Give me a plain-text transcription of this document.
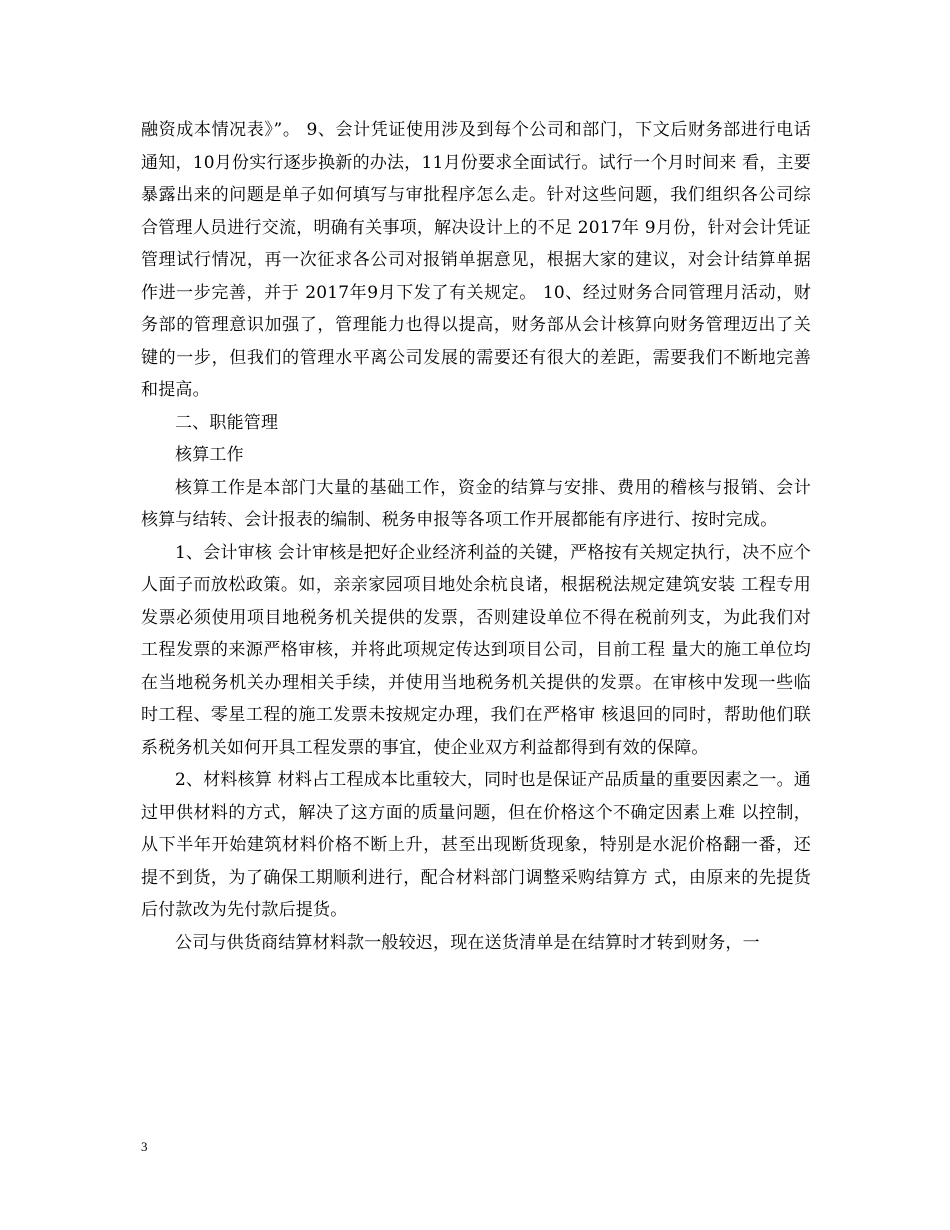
融资成本情况表》”。 9、会计凭证使用涉及到每个公司和部门，下文后财务部进行电话通知，10月份实行逐步换新的办法，11月份要求全面试行。试行一个月时间来 看，主要暴露出来的问题是单子如何填写与审批程序怎么走。针对这些问题，我们组织各公司综合管理人员进行交流，明确有关事项，解决设计上的不足 2017年 9月份，针对会计凭证管理试行情况，再一次征求各公司对报销单据意见，根据大家的建议，对会计结算单据作进一步完善，并于 2017年9月下发了有关规定。 10、经过财务合同管理月活动，财务部的管理意识加强了，管理能力也得以提高，财务部从会计核算向财务管理迈出了关键的一步，但我们的管理水平离公司发展的需要还有很大的差距，需要我们不断地完善和提高。

二、职能管理

核算工作

核算工作是本部门大量的基础工作，资金的结算与安排、费用的稽核与报销、会计核算与结转、会计报表的编制、税务申报等各项工作开展都能有序进行、按时完成。

1、会计审核 会计审核是把好企业经济利益的关键，严格按有关规定执行，决不应个人面子而放松政策。如，亲亲家园项目地处余杭良诸，根据税法规定建筑安装 工程专用发票必须使用项目地税务机关提供的发票，否则建设单位不得在税前列支，为此我们对工程发票的来源严格审核，并将此项规定传达到项目公司，目前工程 量大的施工单位均在当地税务机关办理相关手续，并使用当地税务机关提供的发票。在审核中发现一些临时工程、零星工程的施工发票未按规定办理，我们在严格审 核退回的同时，帮助他们联系税务机关如何开具工程发票的事宜，使企业双方利益都得到有效的保障。

2、材料核算 材料占工程成本比重较大，同时也是保证产品质量的重要因素之一。通过甲供材料的方式，解决了这方面的质量问题，但在价格这个不确定因素上难 以控制，从下半年开始建筑材料价格不断上升，甚至出现断货现象，特别是水泥价格翻一番，还提不到货，为了确保工期顺利进行，配合材料部门调整采购结算方 式，由原来的先提货后付款改为先付款后提货。

公司与供货商结算材料款一般较迟，现在送货清单是在结算时才转到财务，一

3
